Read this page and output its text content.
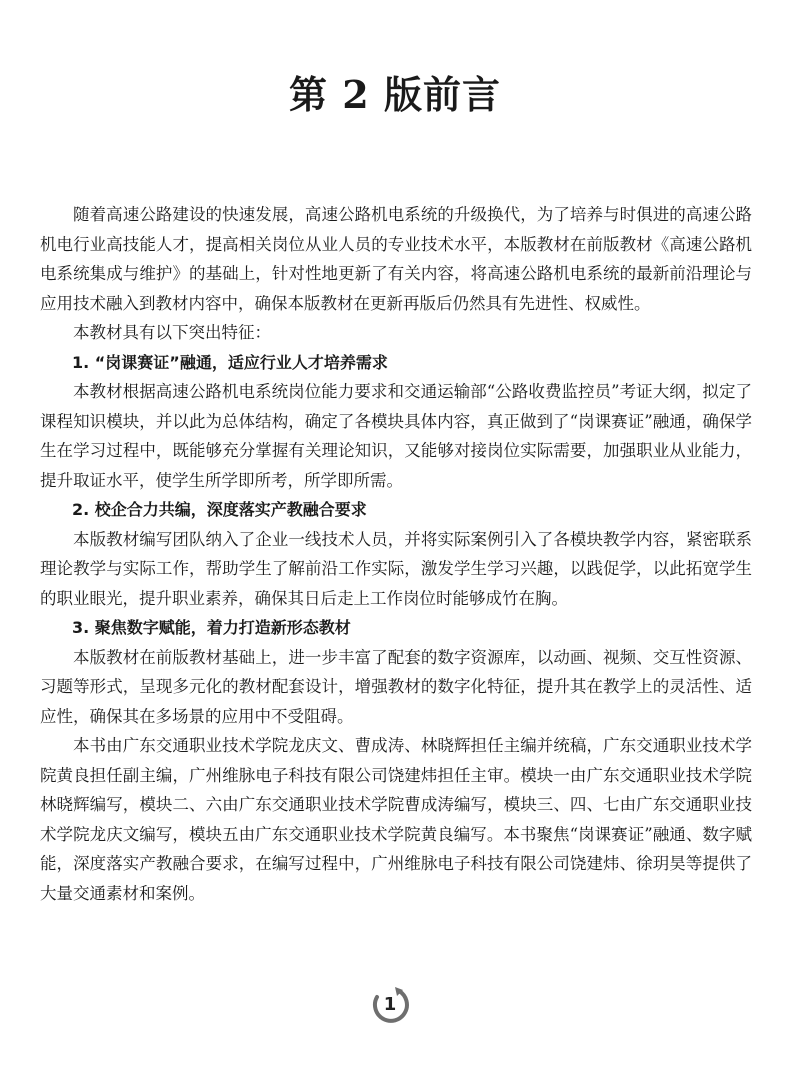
第 2 版前言

随着高速公路建设的快速发展，高速公路机电系统的升级换代，为了培养与时俱进的高速公路机电行业高技能人才，提高相关岗位从业人员的专业技术水平，本版教材在前版教材《高速公路机电系统集成与维护》的基础上，针对性地更新了有关内容，将高速公路机电系统的最新前沿理论与应用技术融入到教材内容中，确保本版教材在更新再版后仍然具有先进性、权威性。

本教材具有以下突出特征：

1. “岗课赛证”融通，适应行业人才培养需求

本教材根据高速公路机电系统岗位能力要求和交通运输部“公路收费监控员”考证大纲，拟定了课程知识模块，并以此为总体结构，确定了各模块具体内容，真正做到了“岗课赛证”融通，确保学生在学习过程中，既能够充分掌握有关理论知识，又能够对接岗位实际需要，加强职业从业能力，提升取证水平，使学生所学即所考，所学即所需。

2. 校企合力共编，深度落实产教融合要求

本版教材编写团队纳入了企业一线技术人员，并将实际案例引入了各模块教学内容，紧密联系理论教学与实际工作，帮助学生了解前沿工作实际，激发学生学习兴趣，以践促学，以此拓宽学生的职业眼光，提升职业素养，确保其日后走上工作岗位时能够成竹在胸。

3. 聚焦数字赋能，着力打造新形态教材

本版教材在前版教材基础上，进一步丰富了配套的数字资源库，以动画、视频、交互性资源、习题等形式，呈现多元化的教材配套设计，增强教材的数字化特征，提升其在教学上的灵活性、适应性，确保其在多场景的应用中不受阻碍。

本书由广东交通职业技术学院龙庆文、曹成涛、林晓辉担任主编并统稿，广东交通职业技术学院黄良担任副主编，广州维脉电子科技有限公司饶建炜担任主审。模块一由广东交通职业技术学院林晓辉编写，模块二、六由广东交通职业技术学院曹成涛编写，模块三、四、七由广东交通职业技术学院龙庆文编写，模块五由广东交通职业技术学院黄良编写。本书聚焦“岗课赛证”融通、数字赋能，深度落实产教融合要求，在编写过程中，广州维脉电子科技有限公司饶建炜、徐玥昊等提供了大量交通素材和案例。

1
